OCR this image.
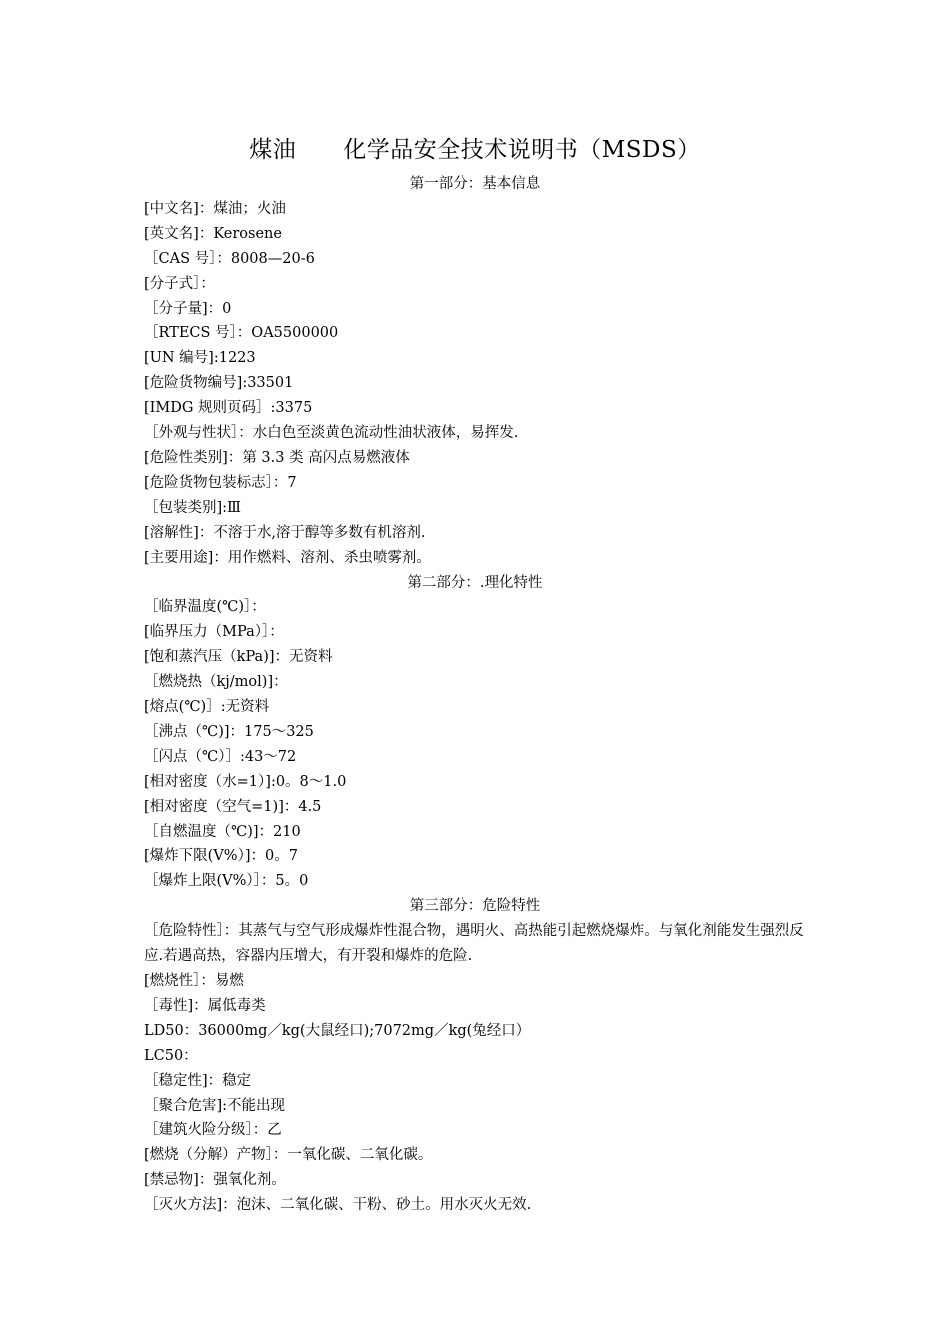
煤油　　化学品安全技术说明书（MSDS）
第一部分：基本信息
[中文名]：煤油；火油
[英文名]：Kerosene
［CAS 号］：8008—20-6
[分子式］：
［分子量]：0
［RTECS 号］：OA5500000
[UN 编号]:1223
[危险货物编号]:33501
[IMDG 规则页码］:3375
［外观与性状］：水白色至淡黄色流动性油状液体，易挥发.
[危险性类别]：第 3.3 类 高闪点易燃液体
[危险货物包装标志］：7
［包装类别]:Ⅲ
[溶解性]：不溶于水,溶于醇等多数有机溶剂.
[主要用途]：用作燃料、溶剂、杀虫喷雾剂。
第二部分：.理化特性
［临界温度(℃)］：
[临界压力（MPa）］：
[饱和蒸汽压（kPa)]：无资料
［燃烧热（kj/mol)]：
[熔点(℃)］:无资料
［沸点（℃)]：175～325
［闪点（℃）］:43～72
[相对密度（水=1）]:0。8～1.0
[相对密度（空气=1)]：4.5
［自燃温度（℃)]：210
[爆炸下限(V%）]：0。7
［爆炸上限(V%）］：5。0
第三部分：危险特性
［危险特性］：其蒸气与空气形成爆炸性混合物，遇明火、高热能引起燃烧爆炸。与氧化剂能发生强烈反应.若遇高热，容器内压增大，有开裂和爆炸的危险.
[燃烧性］：易燃
［毒性]：属低毒类
LD50：36000mg／kg(大鼠经口);7072mg／kg(兔经口）
LC50：
［稳定性]：稳定
［聚合危害]:不能出现
［建筑火险分级］：乙
[燃烧（分解）产物］：一氧化碳、二氧化碳。
[禁忌物]：强氧化剂。
［灭火方法]：泡沫、二氧化碳、干粉、砂土。用水灭火无效.
